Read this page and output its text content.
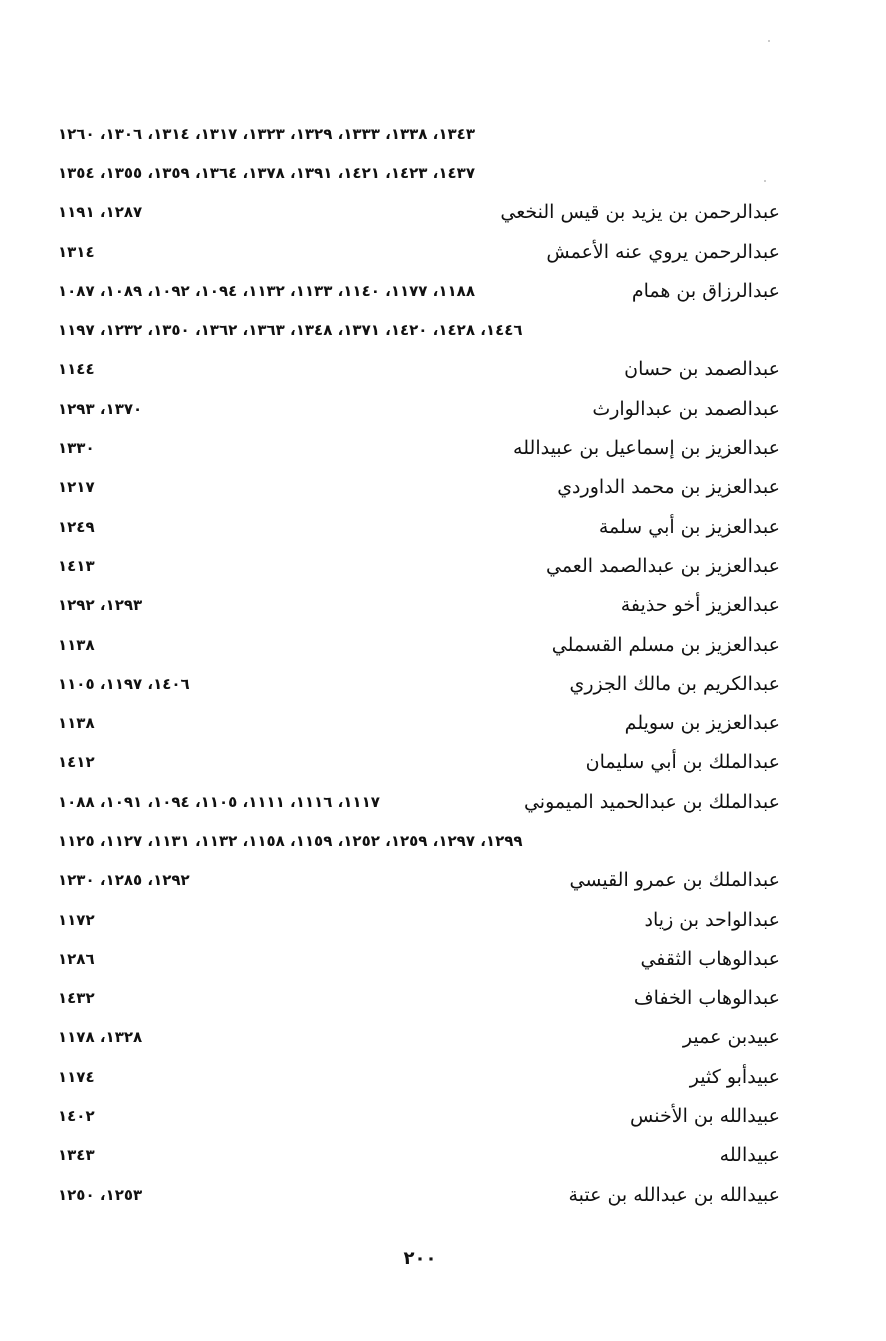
١٣٤٣، ١٣٣٨، ١٣٣٣، ١٣٢٩، ١٣٢٣، ١٣١٧، ١٣١٤، ١٣٠٦، ١٢٦٠
١٤٣٧، ١٤٢٣، ١٤٢١، ١٣٩١، ١٣٧٨، ١٣٦٤، ١٣٥٩، ١٣٥٥، ١٣٥٤
عبدالرحمن بن يزيد بن قيس النخعي
١٢٨٧، ١١٩١
عبدالرحمن يروي عنه الأعمش
١٣١٤
عبدالرزاق بن همام
١١٨٨، ١١٧٧، ١١٤٠، ١١٣٣، ١١٣٢، ١٠٩٤، ١٠٩٢، ١٠٨٩، ١٠٨٧
١٤٤٦، ١٤٢٨، ١٤٢٠، ١٣٧١، ١٣٤٨، ١٣٦٣، ١٣٦٢، ١٣٥٠، ١٢٣٢، ١١٩٧
عبدالصمد بن حسان
١١٤٤
عبدالصمد بن عبدالوارث
١٣٧٠، ١٢٩٣
عبدالعزيز بن إسماعيل بن عبيدالله
١٣٣٠
عبدالعزيز بن محمد الداوردي
١٢١٧
عبدالعزيز بن أبي سلمة
١٢٤٩
عبدالعزيز بن عبدالصمد العمي
١٤١٣
عبدالعزيز أخو حذيفة
١٢٩٣، ١٢٩٢
عبدالعزيز بن مسلم القسملي
١١٣٨
عبدالكريم بن مالك الجزري
١٤٠٦، ١١٩٧، ١١٠٥
عبدالعزيز بن سويلم
١١٣٨
عبدالملك بن أبي سليمان
١٤١٢
عبدالملك بن عبدالحميد الميموني
١١١٧، ١١١٦، ١١١١، ١١٠٥، ١٠٩٤، ١٠٩١، ١٠٨٨
١٢٩٩، ١٢٩٧، ١٢٥٩، ١٢٥٢، ١١٥٩، ١١٥٨، ١١٣٢، ١١٣١، ١١٢٧، ١١٢٥
عبدالملك بن عمرو القيسي
١٢٩٢، ١٢٨٥، ١٢٣٠
عبدالواحد بن زياد
١١٧٢
عبدالوهاب الثقفي
١٢٨٦
عبدالوهاب الخفاف
١٤٣٢
عبيدبن عمير
١٣٢٨، ١١٧٨
عبيدأبو كثير
١١٧٤
عبيدالله بن الأخنس
١٤٠٢
عبيدالله
١٣٤٣
عبيدالله بن عبدالله بن عتبة
١٢٥٣، ١٢٥٠
٢٠٠
